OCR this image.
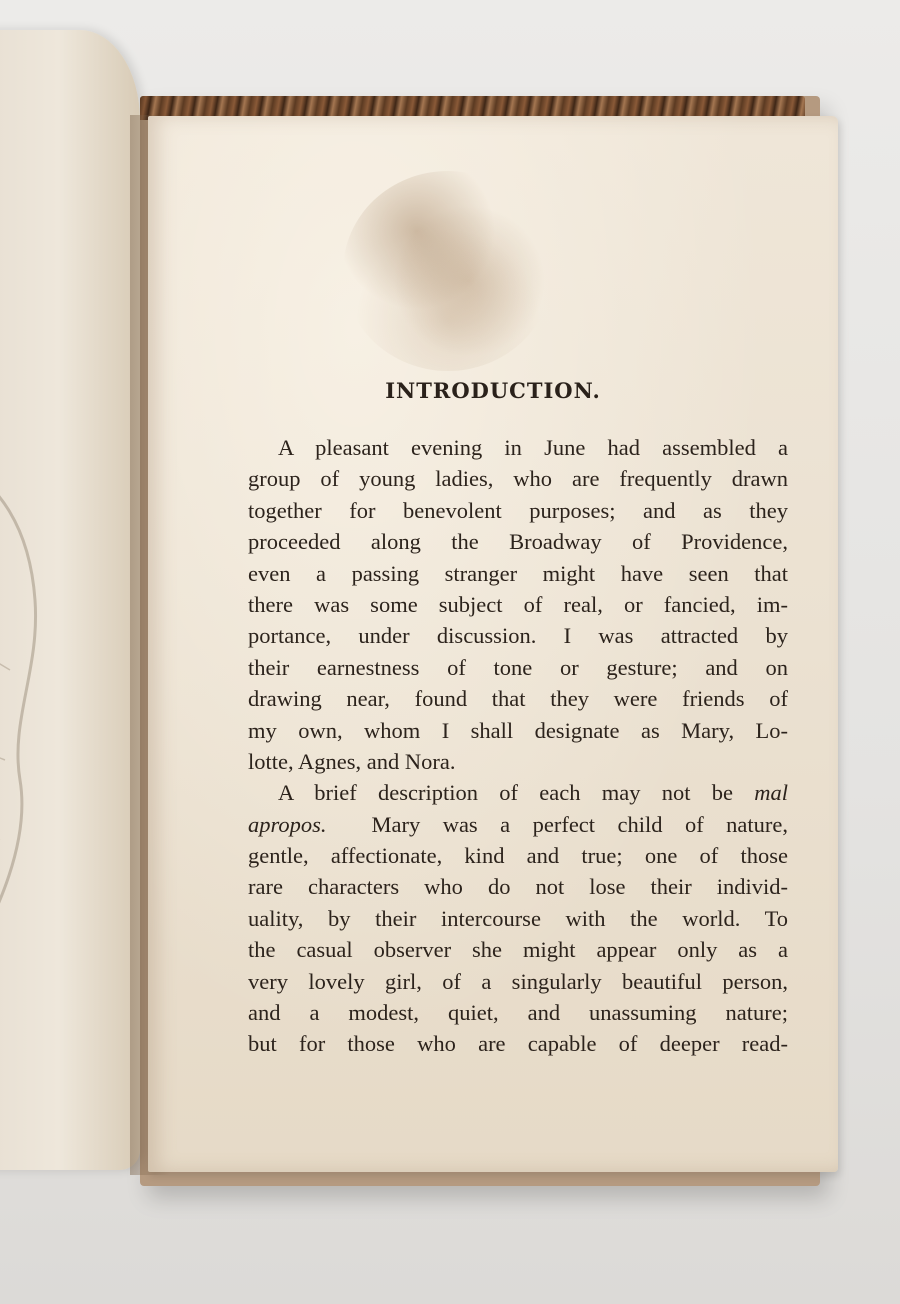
INTRODUCTION.
A pleasant evening in June had assembled a
group of young ladies, who are frequently drawn
together for benevolent purposes; and as they
proceeded along the Broadway of Providence,
even a passing stranger might have seen that
there was some subject of real, or fancied, im-
portance, under discussion. I was attracted by
their earnestness of tone or gesture; and on
drawing near, found that they were friends of
my own, whom I shall designate as Mary, Lo-
lotte, Agnes, and Nora.
A brief description of each may not be mal
apropos. Mary was a perfect child of nature,
gentle, affectionate, kind and true; one of those
rare characters who do not lose their individ-
uality, by their intercourse with the world. To
the casual observer she might appear only as a
very lovely girl, of a singularly beautiful person,
and a modest, quiet, and unassuming nature;
but for those who are capable of deeper read-
